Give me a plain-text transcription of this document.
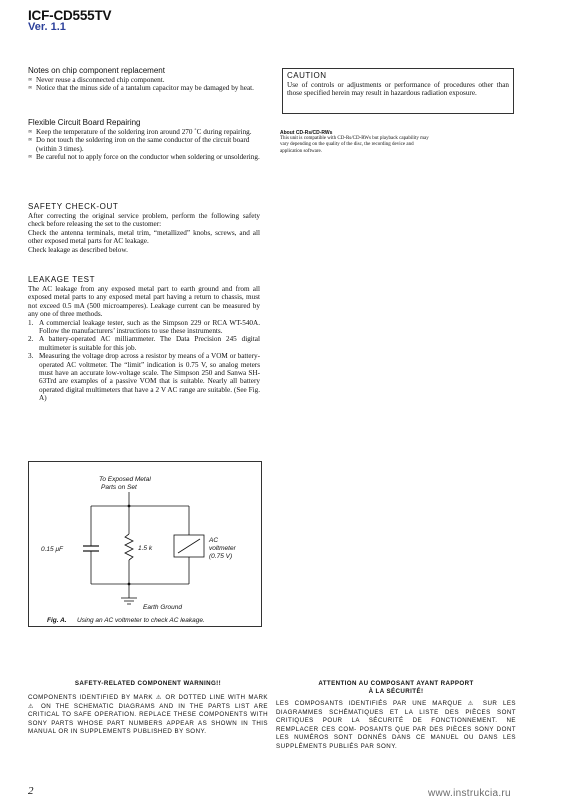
ICF-CD555TV
Ver. 1.1
Notes on chip component replacement
∞ Never reuse a disconnected chip component.
∞ Notice that the minus side of a tantalum capacitor may be damaged by heat.
Flexible Circuit Board Repairing
∞ Keep the temperature of the soldering iron around 270 ˚C during repairing.
∞ Do not touch the soldering iron on the same conductor of the circuit board (within 3 times).
∞ Be careful not to apply force on the conductor when soldering or unsoldering.
SAFETY CHECK-OUT

After correcting the original service problem, perform the following safety check before releasing the set to the customer:

Check the antenna terminals, metal trim, “metallized” knobs, screws, and all other exposed metal parts for AC leakage.

Check leakage as described below.

LEAKAGE TEST

The AC leakage from any exposed metal part to earth ground and from all exposed metal parts to any exposed metal part having a return to chassis, must not exceed 0.5 mA (500 microamperes). Leakage current can be measured by any one of three methods.

1. A commercial leakage tester, such as the Simpson 229 or RCA WT-540A. Follow the manufacturers’ instructions to use these instruments.
2. A battery-operated AC milliammeter. The Data Precision 245 digital multimeter is suitable for this job.
3. Measuring the voltage drop across a resistor by means of a VOM or battery-operated AC voltmeter. The “limit” indication is 0.75 V, so analog meters must have an accurate low-voltage scale. The Simpson 250 and Sanwa SH-63Trd are examples of a passive VOM that is suitable. Nearly all battery operated digital multimeters that have a 2 V AC range are suitable. (See Fig. A)
CAUTION

Use of controls or adjustments or performance of procedures other than those specified herein may result in hazardous radiation exposure.

About CD-Rs/CD-RWs
This unit is compatible with CD-Rs/CD-RWs but playback capability may vary depending on the quality of the disc, the recording device and application software.
To Exposed Metal
Parts on Set
0.15 μF	1.5 k
AC
voltmeter
(0.75 V)
Earth Ground
Fig. A. Using an AC voltmeter to check AC leakage.
SAFETY-RELATED COMPONENT WARNING!!
COMPONENTS IDENTIFIED BY MARK ⚠ OR DOTTED LINE WITH MARK ⚠ ON THE SCHEMATIC DIAGRAMS AND IN THE PARTS LIST ARE CRITICAL TO SAFE OPERATION. REPLACE THESE COMPONENTS WITH SONY PARTS WHOSE PART NUMBERS APPEAR AS SHOWN IN THIS MANUAL OR IN SUPPLEMENTS PUBLISHED BY SONY.
ATTENTION AU COMPOSANT AYANT RAPPORT
À LA SÉCURITÉ!
LES COMPOSANTS IDENTIFIÉS PAR UNE MARQUE ⚠ SUR LES DIAGRAMMES SCHÉMATIQUES ET LA LISTE DES PIÈCES SONT CRITIQUES POUR LA SÉCURITÉ DE FONCTIONNEMENT. NE REMPLACER CES COM- POSANTS QUE PAR DES PIÈCES SONY DONT LES NUMÉROS SONT DONNÉS DANS CE MANUEL OU DANS LES SUPPLÉMENTS PUBLIÉS PAR SONY.
2	www.instrukcia.ru
